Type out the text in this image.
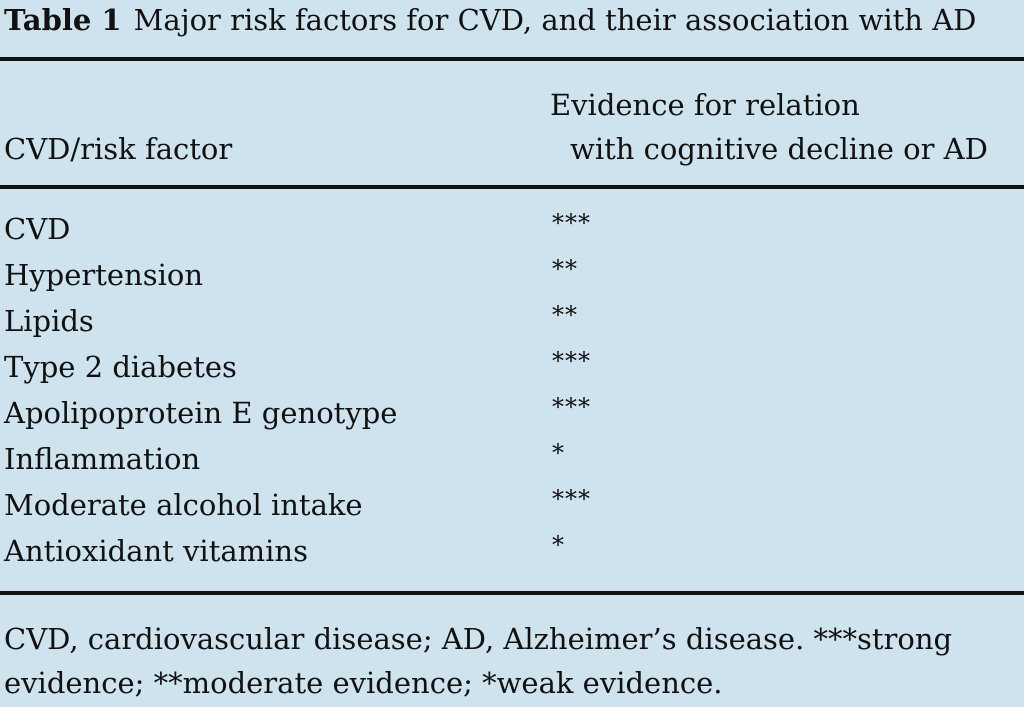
Table 1 Major risk factors for CVD, and their association with AD
CVD/risk factor
Evidence for relation
with cognitive decline or AD
CVD	***
Hypertension	**
Lipids	**
Type 2 diabetes	***
Apolipoprotein E genotype	***
Inflammation	*
Moderate alcohol intake	***
Antioxidant vitamins	*
CVD, cardiovascular disease; AD, Alzheimer’s disease. ***strong evidence; **moderate evidence; *weak evidence.
